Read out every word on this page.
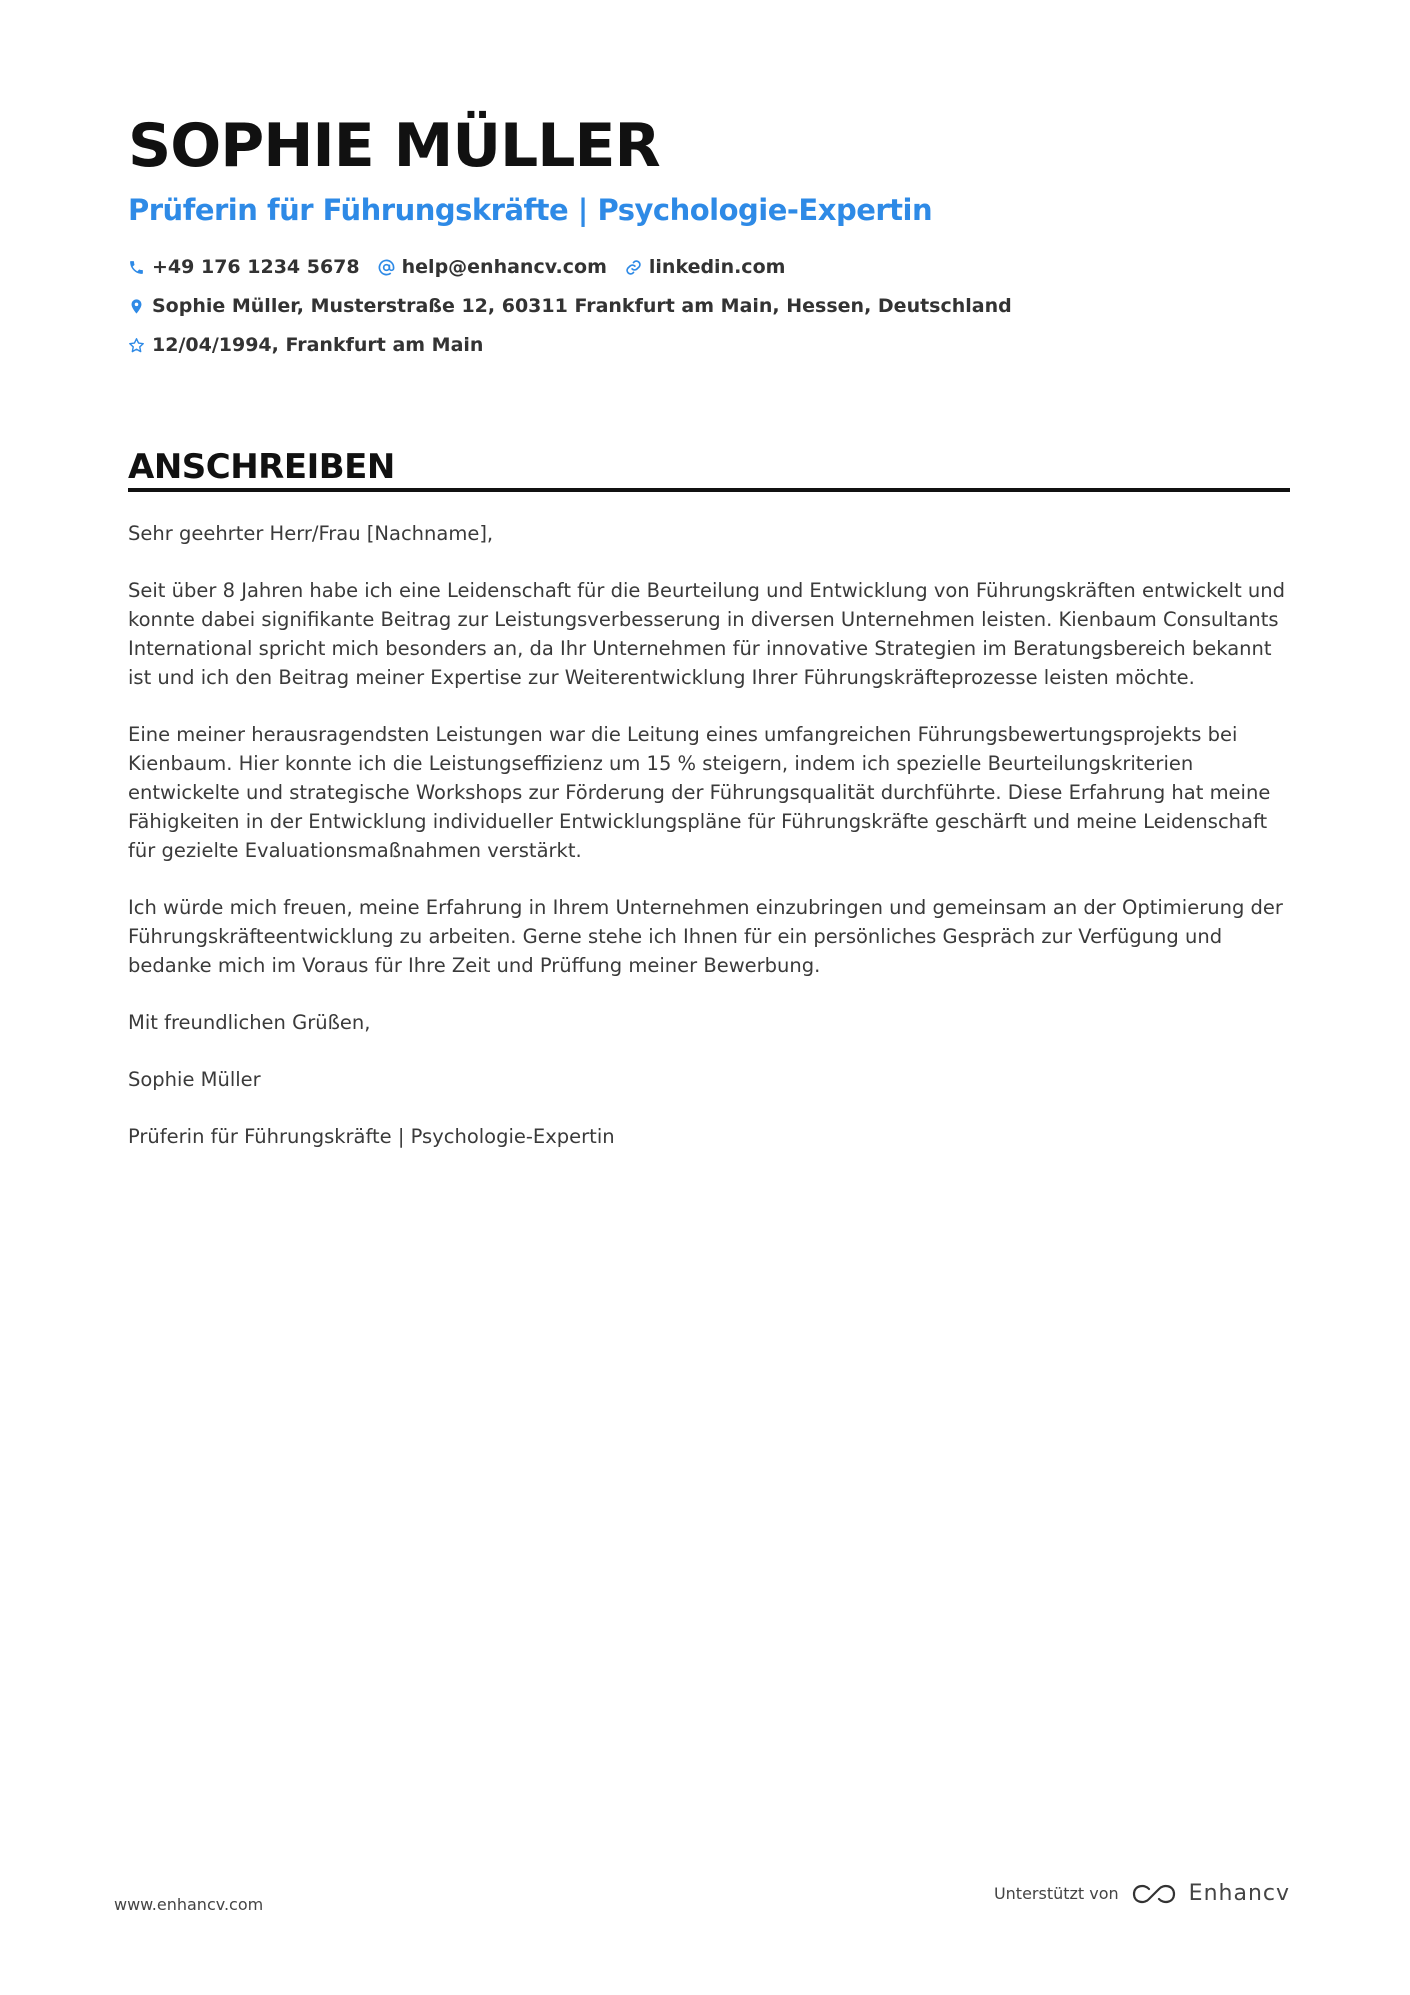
SOPHIE MÜLLER
Prüferin für Führungskräfte | Psychologie-Expertin
+49 176 1234 5678 help@enhancv.com linkedin.com
Sophie Müller, Musterstraße 12, 60311 Frankfurt am Main, Hessen, Deutschland
12/04/1994, Frankfurt am Main
ANSCHREIBEN

Sehr geehrter Herr/Frau [Nachname],

Seit über 8 Jahren habe ich eine Leidenschaft für die Beurteilung und Entwicklung von Führungskräften entwickelt und konnte dabei signifikante Beitrag zur Leistungsverbesserung in diversen Unternehmen leisten. Kienbaum Consultants International spricht mich besonders an, da Ihr Unternehmen für innovative Strategien im Beratungsbereich bekannt ist und ich den Beitrag meiner Expertise zur Weiterentwicklung Ihrer Führungskräfteprozesse leisten möchte.

Eine meiner herausragendsten Leistungen war die Leitung eines umfangreichen Führungsbewertungsprojekts bei Kienbaum. Hier konnte ich die Leistungseffizienz um 15 % steigern, indem ich spezielle Beurteilungskriterien entwickelte und strategische Workshops zur Förderung der Führungsqualität durchführte. Diese Erfahrung hat meine Fähigkeiten in der Entwicklung individueller Entwicklungspläne für Führungskräfte geschärft und meine Leidenschaft für gezielte Evaluationsmaßnahmen verstärkt.

Ich würde mich freuen, meine Erfahrung in Ihrem Unternehmen einzubringen und gemeinsam an der Optimierung der Führungskräfteentwicklung zu arbeiten. Gerne stehe ich Ihnen für ein persönliches Gespräch zur Verfügung und bedanke mich im Voraus für Ihre Zeit und Prüffung meiner Bewerbung.

Mit freundlichen Grüßen,

Sophie Müller

Prüferin für Führungskräfte | Psychologie-Expertin

www.enhancv.com
Unterstützt von	Enhancv
